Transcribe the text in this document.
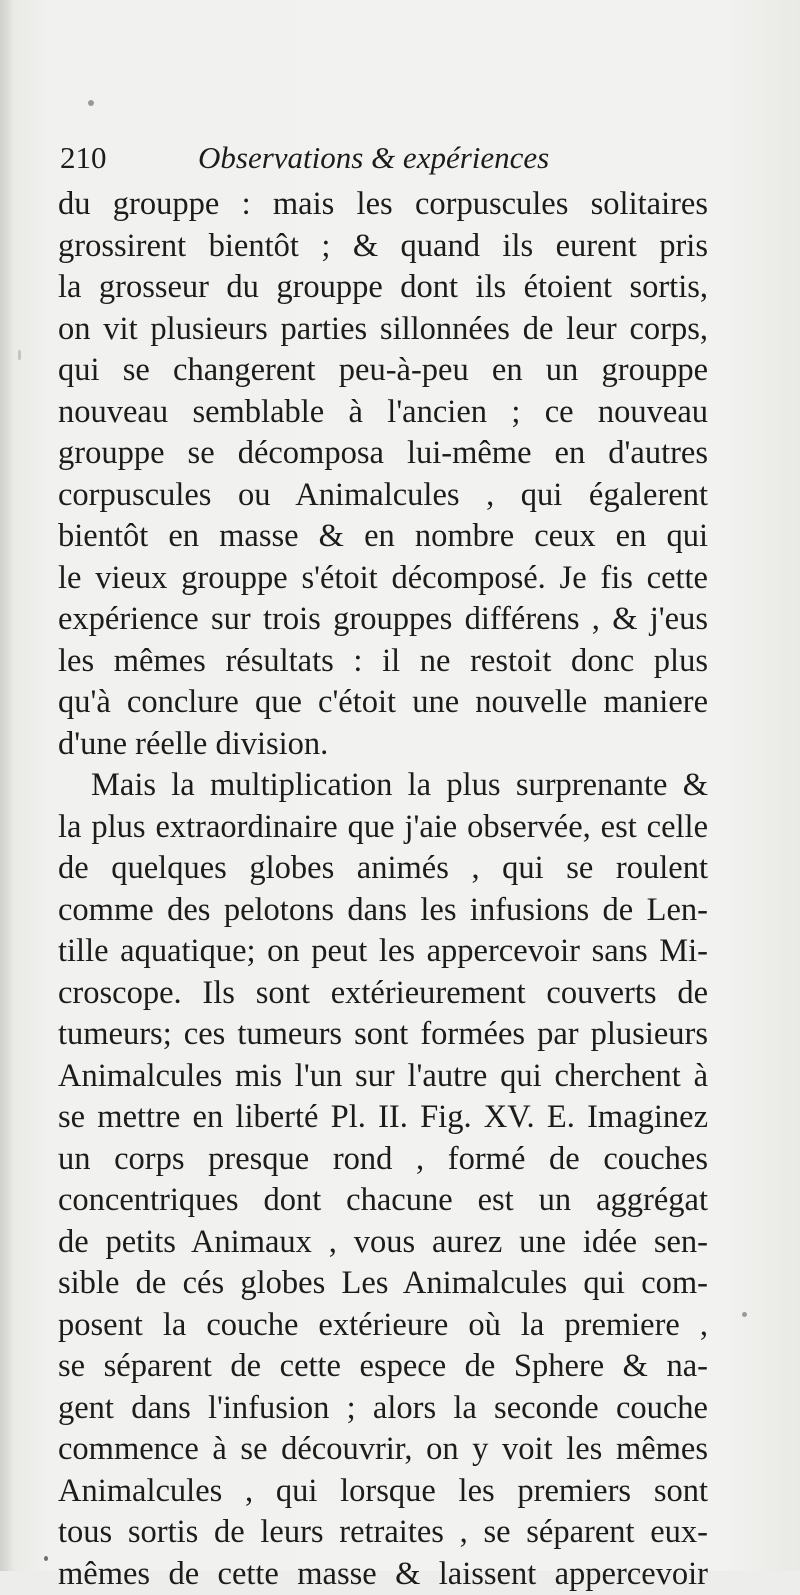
210	Observations & expériences
du grouppe : mais les corpuscules solitaires
grossirent bientôt ; & quand ils eurent pris
la grosseur du grouppe dont ils étoient sortis,
on vit plusieurs parties sillonnées de leur corps,
qui se changerent peu-à-peu en un grouppe
nouveau semblable à l'ancien ; ce nouveau
grouppe se décomposa lui-même en d'autres
corpuscules ou Animalcules , qui égalerent
bientôt en masse & en nombre ceux en qui
le vieux grouppe s'étoit décomposé. Je fis cette
expérience sur trois grouppes différens , & j'eus
les mêmes résultats : il ne restoit donc plus
qu'à conclure que c'étoit une nouvelle maniere
d'une réelle division.
Mais la multiplication la plus surprenante &
la plus extraordinaire que j'aie observée, est celle
de quelques globes animés , qui se roulent
comme des pelotons dans les infusions de Len-
tille aquatique; on peut les appercevoir sans Mi-
croscope. Ils sont extérieurement couverts de
tumeurs; ces tumeurs sont formées par plusieurs
Animalcules mis l'un sur l'autre qui cherchent à
se mettre en liberté Pl. II. Fig. XV. E. Imaginez
un corps presque rond , formé de couches
concentriques dont chacune est un aggrégat
de petits Animaux , vous aurez une idée sen-
sible de cés globes Les Animalcules qui com-
posent la couche extérieure où la premiere ,
se séparent de cette espece de Sphere & na-
gent dans l'infusion ; alors la seconde couche
commence à se découvrir, on y voit les mêmes
Animalcules , qui lorsque les premiers sont
tous sortis de leurs retraites , se séparent eux-
mêmes de cette masse & laissent appercevoir
